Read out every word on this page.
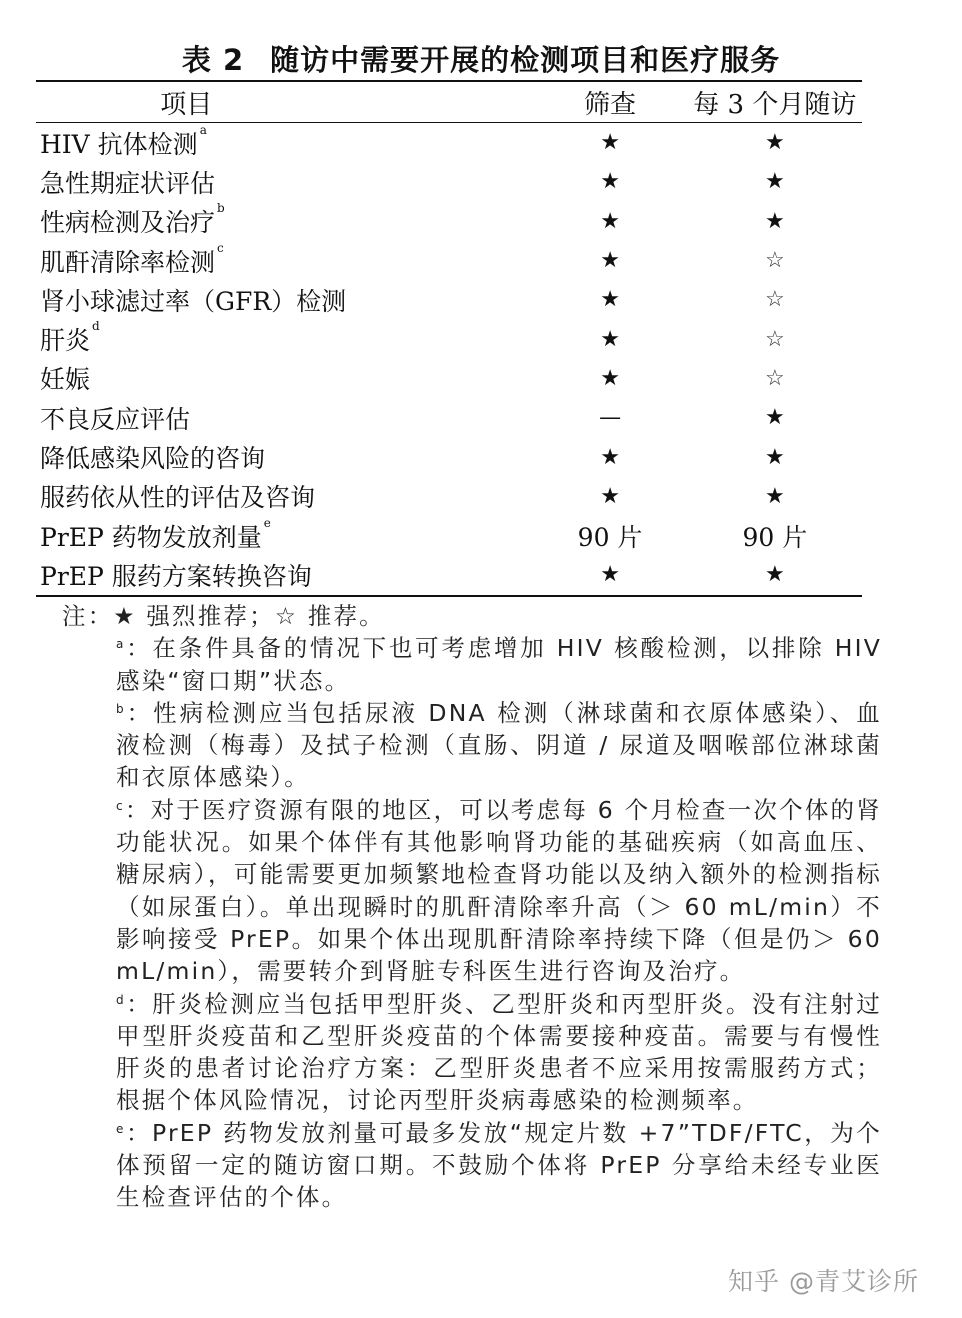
表 2 随访中需要开展的检测项目和医疗服务
项目	筛查	每 3 个月随访
HIV 抗体检测 $^a$	★	★
急性期症状评估	★	★
性病检测及治疗 $^b$	★	★
肌酐清除率检测 $^c$	★	☆
肾小球滤过率（GFR）检测	★	☆
肝炎 $^d$	★	☆
妊娠	★	☆
不良反应评估	—	★
降低感染风险的咨询	★	★
服药依从性的评估及咨询	★	★
PrEP 药物发放剂量 $^e$	90 片	90 片
PrEP 服药方案转换咨询	★	★

注：★ 强烈推荐；☆ 推荐。

$^a$：在条件具备的情况下也可考虑增加 HIV 核酸检测，以排除 HIV 感染“窗口期”状态。

$^b$：性病检测应当包括尿液 DNA 检测（淋球菌和衣原体感染）、血液检测（梅毒）及拭子检测（直肠、阴道 / 尿道及咽喉部位淋球菌和衣原体感染）。

$^c$：对于医疗资源有限的地区，可以考虑每 6 个月检查一次个体的肾功能状况。如果个体伴有其他影响肾功能的基础疾病（如高血压、糖尿病），可能需要更加频繁地检查肾功能以及纳入额外的检测指标（如尿蛋白）。单出现瞬时的肌酐清除率升高（＞ 60 mL/min）不影响接受 PrEP。如果个体出现肌酐清除率持续下降（但是仍＞ 60 mL/min），需要转介到肾脏专科医生进行咨询及治疗。

$^d$：肝炎检测应当包括甲型肝炎、乙型肝炎和丙型肝炎。没有注射过甲型肝炎疫苗和乙型肝炎疫苗的个体需要接种疫苗。需要与有慢性肝炎的患者讨论治疗方案：乙型肝炎患者不应采用按需服药方式；根据个体风险情况，讨论丙型肝炎病毒感染的检测频率。

$^e$：PrEP 药物发放剂量可最多发放“规定片数 +7”TDF/FTC，为个体预留一定的随访窗口期。不鼓励个体将 PrEP 分享给未经专业医生检查评估的个体。

知乎 @青艾诊所
